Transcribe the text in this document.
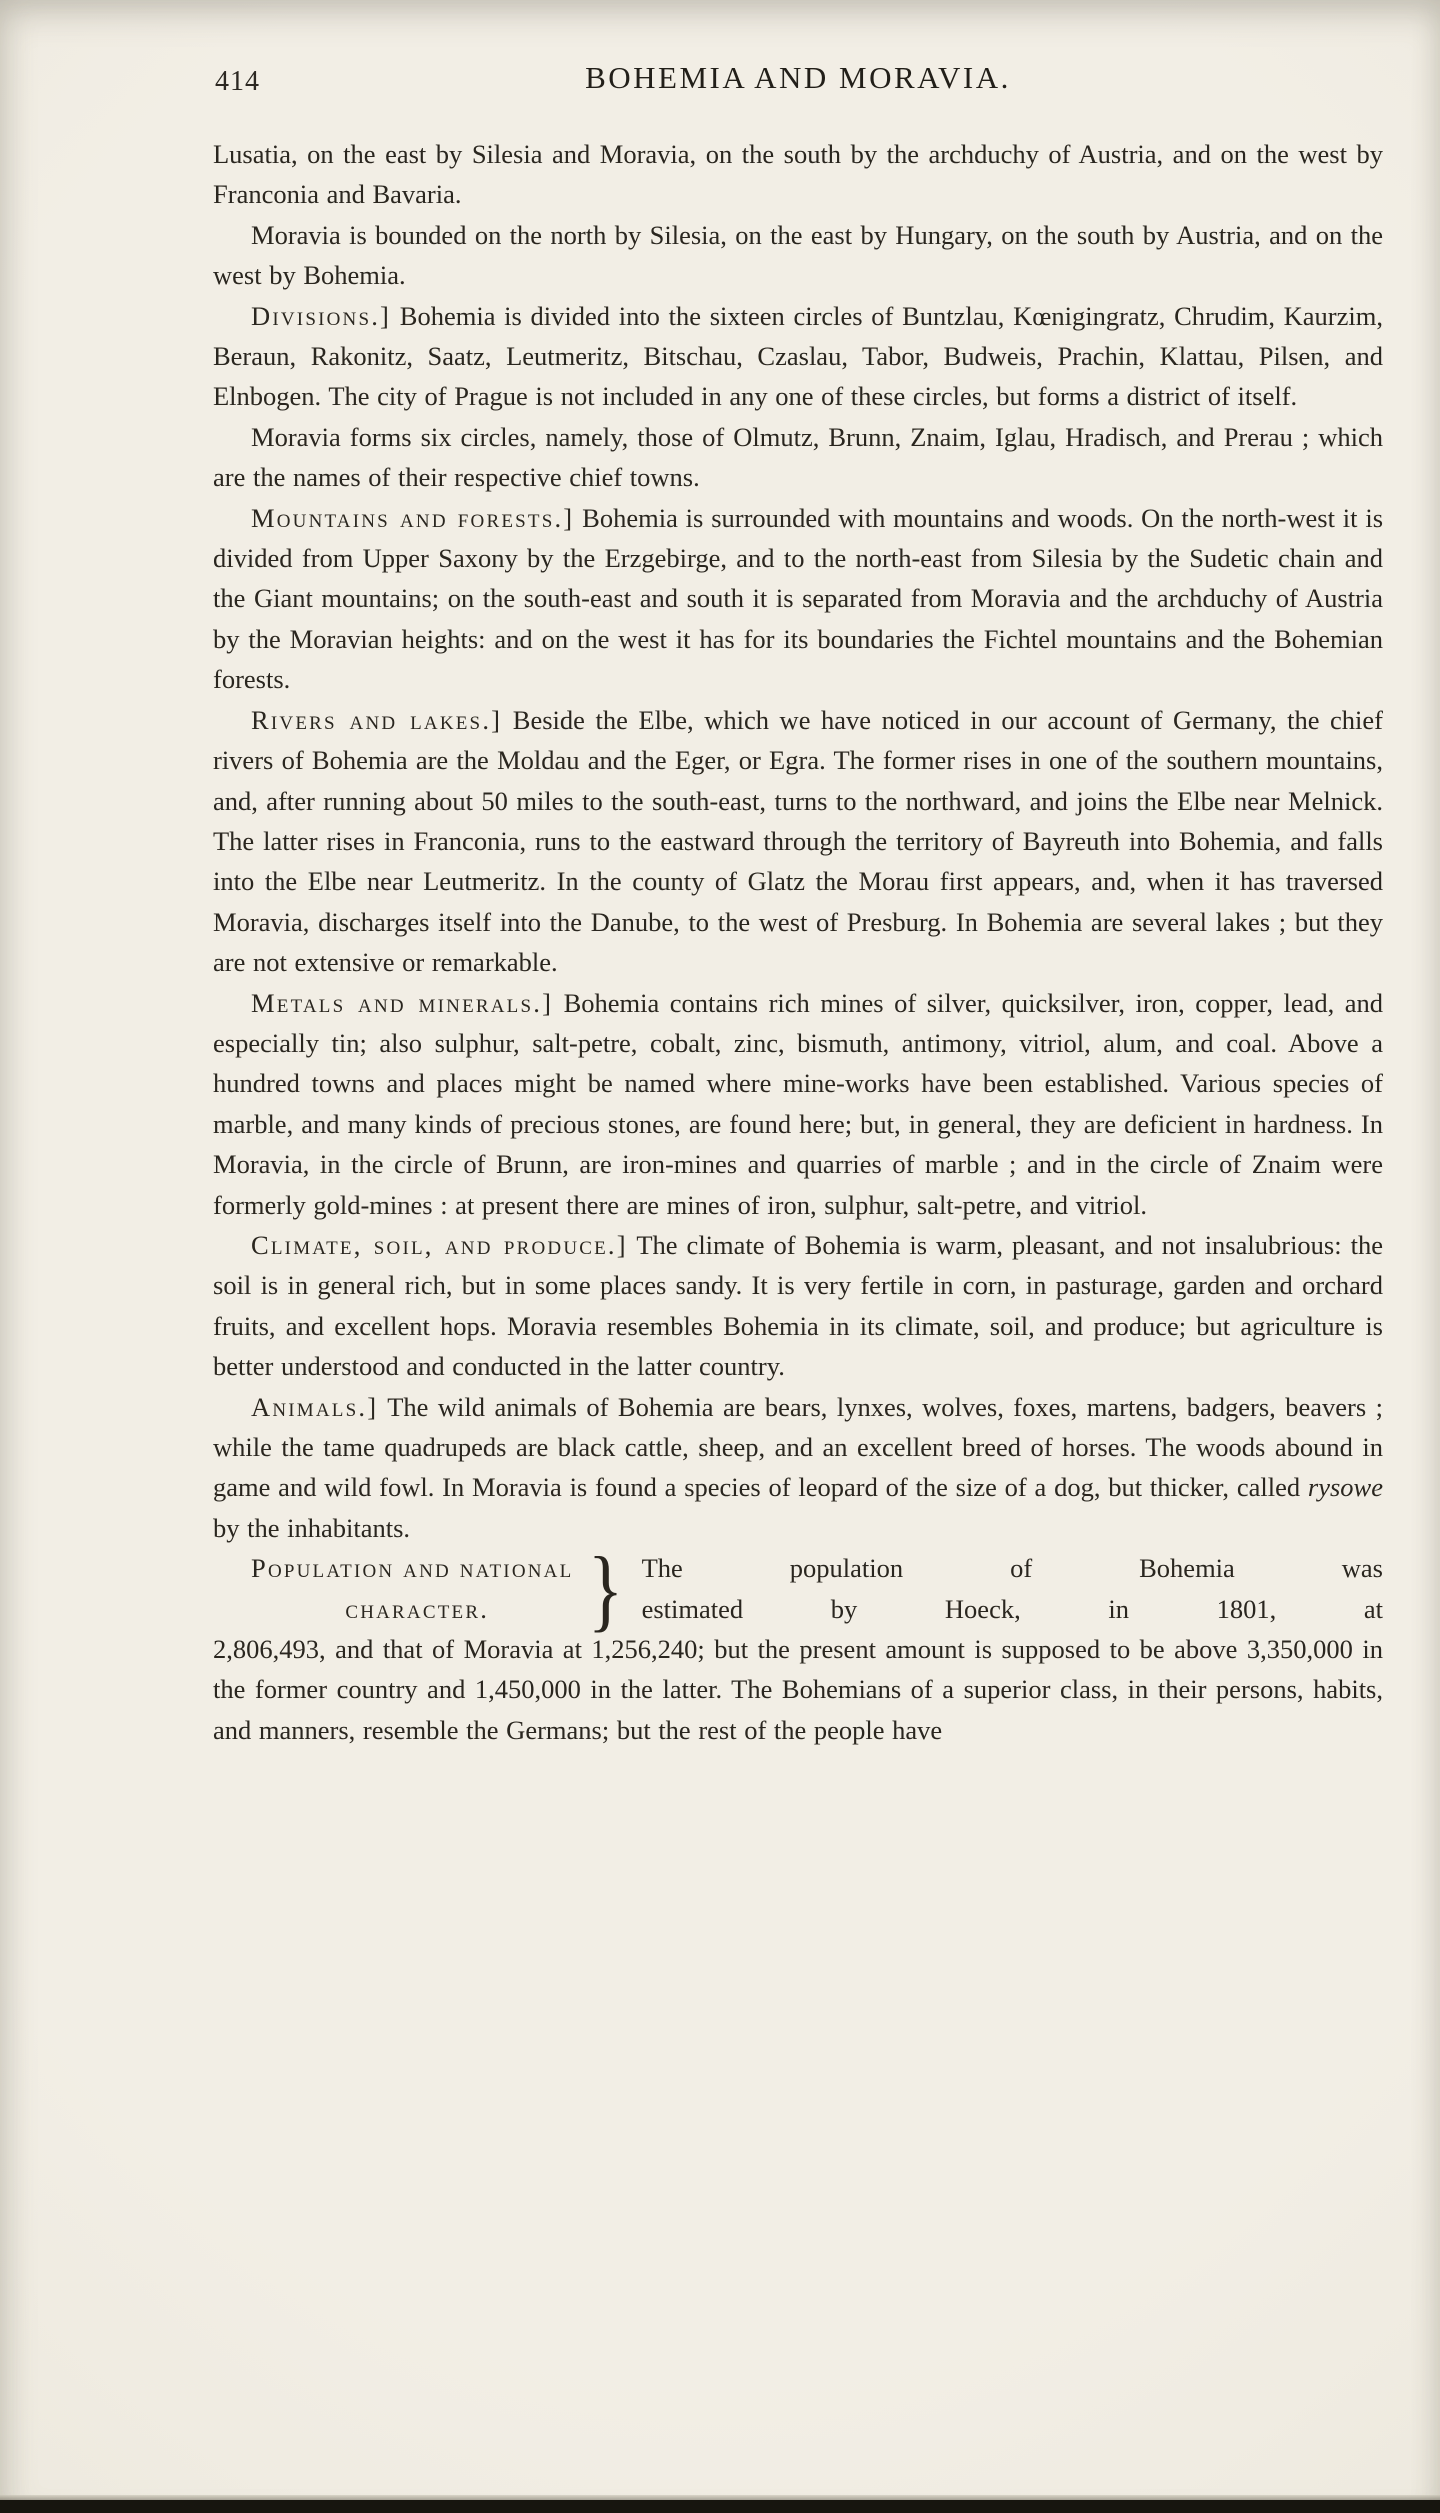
414	BOHEMIA AND MORAVIA.

Lusatia, on the east by Silesia and Moravia, on the south by the archduchy of Austria, and on the west by Franconia and Bavaria.

Moravia is bounded on the north by Silesia, on the east by Hungary, on the south by Austria, and on the west by Bohemia.

Divisions.] Bohemia is divided into the sixteen circles of Buntzlau, Kœnigingratz, Chrudim, Kaurzim, Beraun, Rakonitz, Saatz, Leutmeritz, Bitschau, Czaslau, Tabor, Budweis, Prachin, Klattau, Pilsen, and Elnbogen. The city of Prague is not included in any one of these circles, but forms a district of itself.

Moravia forms six circles, namely, those of Olmutz, Brunn, Znaim, Iglau, Hradisch, and Prerau ; which are the names of their respective chief towns.

Mountains and forests.] Bohemia is surrounded with mountains and woods. On the north-west it is divided from Upper Saxony by the Erzgebirge, and to the north-east from Silesia by the Sudetic chain and the Giant mountains; on the south-east and south it is separated from Moravia and the archduchy of Austria by the Moravian heights: and on the west it has for its boundaries the Fichtel mountains and the Bohemian forests.

Rivers and lakes.] Beside the Elbe, which we have noticed in our account of Germany, the chief rivers of Bohemia are the Moldau and the Eger, or Egra. The former rises in one of the southern mountains, and, after running about 50 miles to the south-east, turns to the northward, and joins the Elbe near Melnick. The latter rises in Franconia, runs to the eastward through the territory of Bayreuth into Bohemia, and falls into the Elbe near Leutmeritz. In the county of Glatz the Morau first appears, and, when it has traversed Moravia, discharges itself into the Danube, to the west of Presburg. In Bohemia are several lakes ; but they are not extensive or remarkable.

Metals and minerals.] Bohemia contains rich mines of silver, quicksilver, iron, copper, lead, and especially tin; also sulphur, salt-petre, cobalt, zinc, bismuth, antimony, vitriol, alum, and coal. Above a hundred towns and places might be named where mine-works have been established. Various species of marble, and many kinds of precious stones, are found here; but, in general, they are deficient in hardness. In Moravia, in the circle of Brunn, are iron-mines and quarries of marble ; and in the circle of Znaim were formerly gold-mines : at present there are mines of iron, sulphur, salt-petre, and vitriol.

Climate, soil, and produce.] The climate of Bohemia is warm, pleasant, and not insalubrious: the soil is in general rich, but in some places sandy. It is very fertile in corn, in pasturage, garden and orchard fruits, and excellent hops. Moravia resembles Bohemia in its climate, soil, and produce; but agriculture is better understood and conducted in the latter country.

Animals.] The wild animals of Bohemia are bears, lynxes, wolves, foxes, martens, badgers, beavers ; while the tame quadrupeds are black cattle, sheep, and an excellent breed of horses. The woods abound in game and wild fowl. In Moravia is found a species of leopard of the size of a dog, but thicker, called rysowe by the inhabitants.

Population and national
character.	} The population of Bohemia was
estimated by Hoeck, in 1801, at

2,806,493, and that of Moravia at 1,256,240; but the present amount is supposed to be above 3,350,000 in the former country and 1,450,000 in the latter. The Bohemians of a superior class, in their persons, habits, and manners, resemble the Germans; but the rest of the people have
